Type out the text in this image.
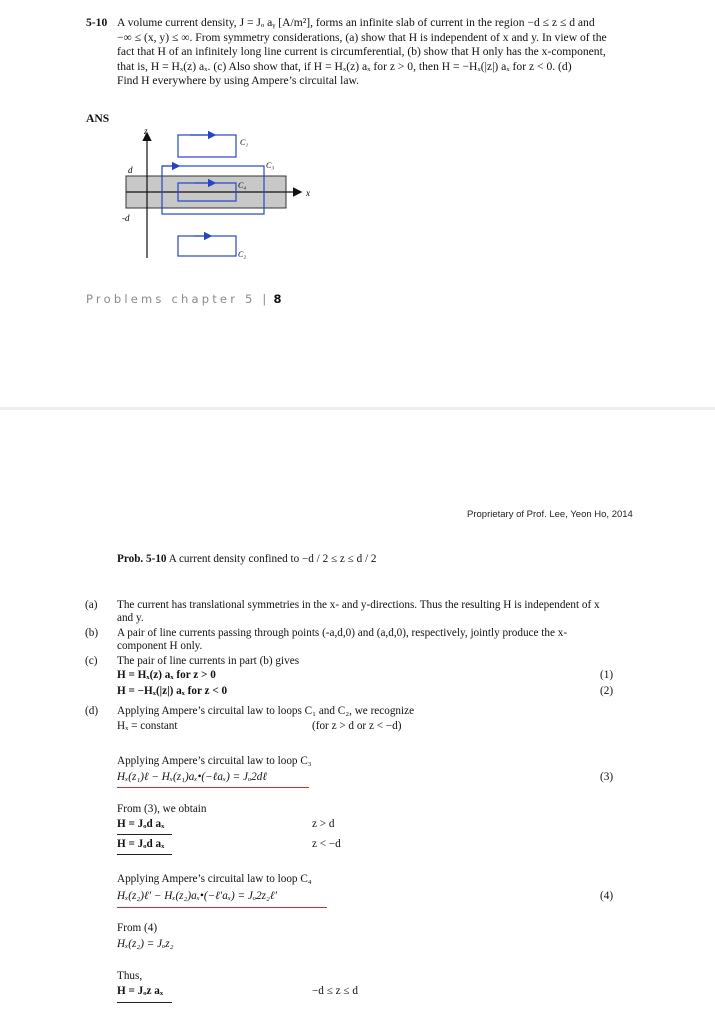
5-10 A volume current density, J = Jₒ aᵧ [A/m²], forms an infinite slab of current in the region −d ≤ z ≤ d and
−∞ ≤ (x, y) ≤ ∞. From symmetry considerations, (a) show that H is independent of x and y. In view of the
fact that H of an infinitely long line current is circumferential, (b) show that H only has the x-component,
that is, H = Hₓ(z) aₓ. (c) Also show that, if H = Hₓ(z) aₓ for z > 0, then H = −Hₓ(|z|) aₓ for z < 0. (d)
Find H everywhere by using Ampere’s circuital law.
ANS
z
x
d
-d
C₁
C₃
C₄
C₂
Problems chapter 5 | 8
Proprietary of Prof. Lee, Yeon Ho, 2014
Prob. 5-10 A current density confined to −d / 2 ≤ z ≤ d / 2
(a) The current has translational symmetries in the x- and y-directions. Thus the resulting H is independent of x
and y.
(b) A pair of line currents passing through points (-a,d,0) and (a,d,0), respectively, jointly produce the x-
component H only.
(c) The pair of line currents in part (b) gives
H = Hₓ(z) aₓ for z > 0	(1)
H = −Hₓ(|z|) aₓ for z < 0	(2)
(d) Applying Ampere’s circuital law to loops C₁ and C₂, we recognize
Hₓ = constant	(for z > d or z < −d)
Applying Ampere’s circuital law to loop C₃
Hₓ(z₁)ℓ − Hₓ(z₁)aₓ•(−ℓaₓ) = Jₒ2dℓ	(3)
From (3), we obtain
H = Jₒd aₓ	z > d
H = Jₒd aₓ	z < −d
Applying Ampere’s circuital law to loop C₄
Hₓ(z₂)ℓ′ − Hₓ(z₂)aₓ•(−ℓ′aₓ) = Jₒ2z₂ℓ′	(4)
From (4)
Hₓ(z₂) = Jₒz₂
Thus,
H = Jₒz aₓ	−d ≤ z ≤ d
